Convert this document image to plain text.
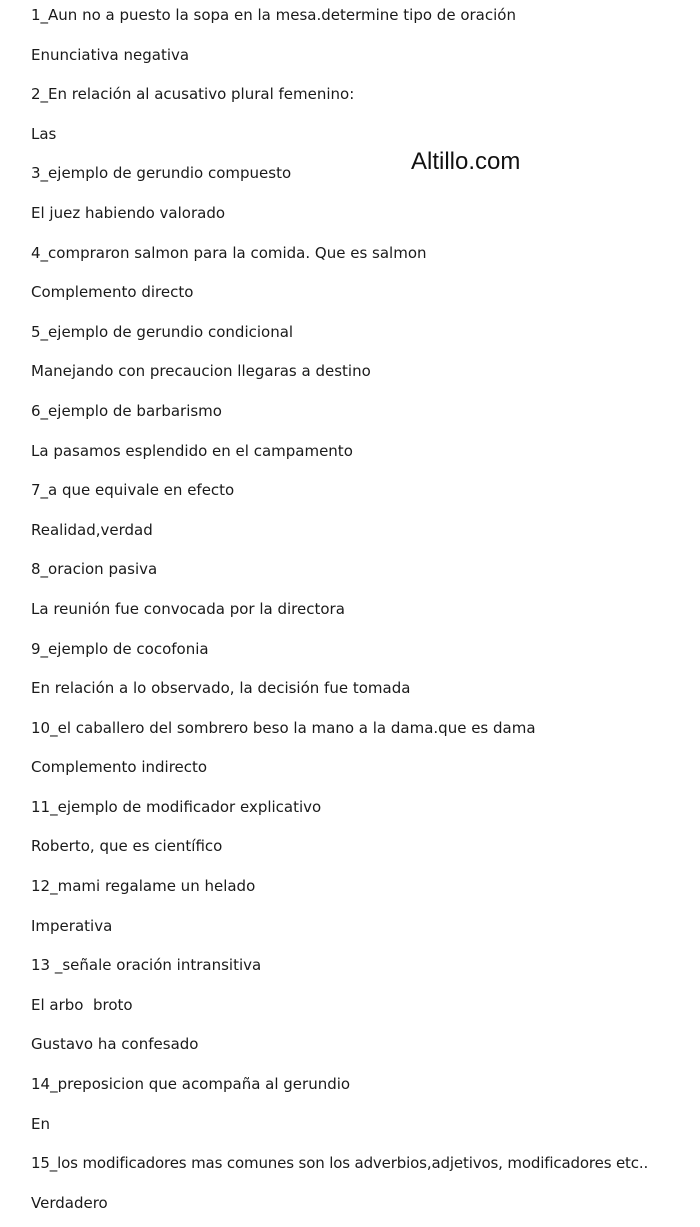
1_Aun no a puesto la sopa en la mesa.determine tipo de oración
Enunciativa negativa
2_En relación al acusativo plural femenino:
Las
3_ejemplo de gerundio compuesto
El juez habiendo valorado
4_compraron salmon para la comida. Que es salmon
Complemento directo
5_ejemplo de gerundio condicional
Manejando con precaucion llegaras a destino
6_ejemplo de barbarismo
La pasamos esplendido en el campamento
7_a que equivale en efecto
Realidad,verdad
8_oracion pasiva
La reunión fue convocada por la directora
9_ejemplo de cocofonia
En relación a lo observado, la decisión fue tomada
10_el caballero del sombrero beso la mano a la dama.que es dama
Complemento indirecto
11_ejemplo de modificador explicativo
Roberto, que es científico
12_mami regalame un helado
Imperativa
13 _señale oración intransitiva
El arbo  broto
Gustavo ha confesado
14_preposicion que acompaña al gerundio
En
15_los modificadores mas comunes son los adverbios,adjetivos, modificadores etc..
Verdadero
Altillo.com
